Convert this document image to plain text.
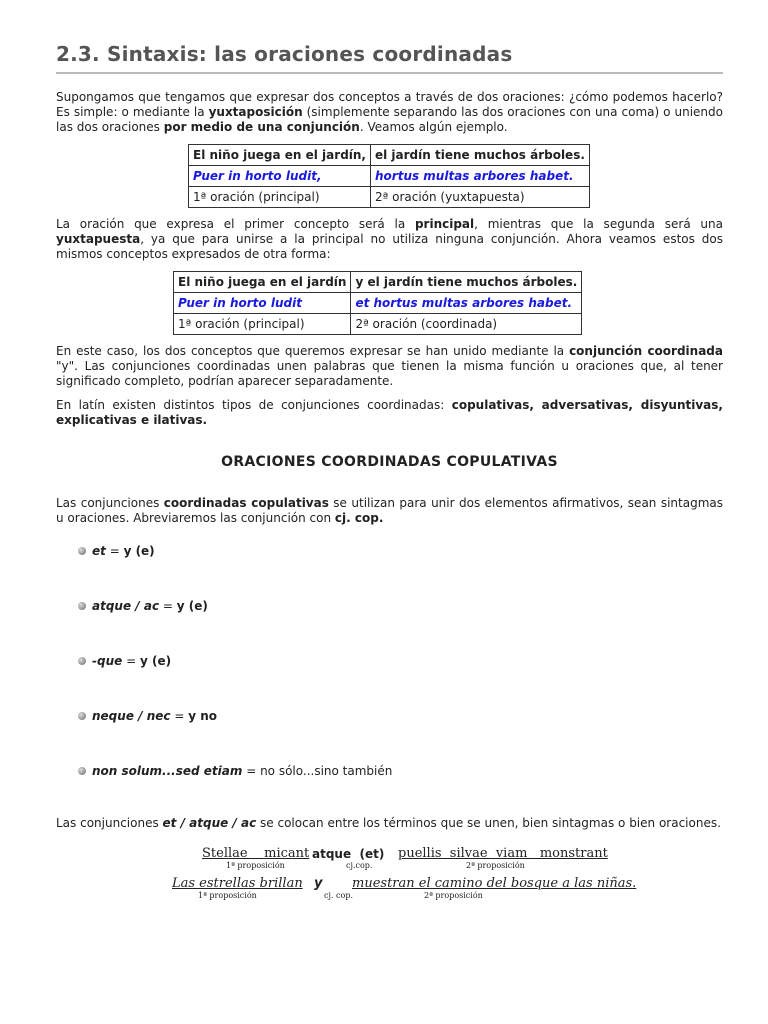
2.3. Sintaxis: las oraciones coordinadas

Supongamos que tengamos que expresar dos conceptos a través de dos oraciones: ¿cómo podemos hacerlo? Es simple: o mediante la yuxtaposición (simplemente separando las dos oraciones con una coma) o uniendo las dos oraciones por medio de una conjunción. Veamos algún ejemplo.

El niño juega en el jardín,	el jardín tiene muchos árboles.
Puer in horto ludit,	hortus multas arbores habet.
1ª oración (principal)	2ª oración (yuxtapuesta)

La oración que expresa el primer concepto será la principal, mientras que la segunda será una yuxtapuesta, ya que para unirse a la principal no utiliza ninguna conjunción. Ahora veamos estos dos mismos conceptos expresados de otra forma:

El niño juega en el jardín	y el jardín tiene muchos árboles.
Puer in horto ludit	et hortus multas arbores habet.
1ª oración (principal)	2ª oración (coordinada)

En este caso, los dos conceptos que queremos expresar se han unido mediante la conjunción coordinada "y". Las conjunciones coordinadas unen palabras que tienen la misma función u oraciones que, al tener significado completo, podrían aparecer separadamente.

En latín existen distintos tipos de conjunciones coordinadas: copulativas, adversativas, disyuntivas, explicativas e ilativas.

ORACIONES COORDINADAS COPULATIVAS

Las conjunciones coordinadas copulativas se utilizan para unir dos elementos afirmativos, sean sintagmas u oraciones. Abreviaremos las conjunción con cj. cop.

et = y (e)
atque / ac = y (e)
-que = y (e)
neque / nec = y no
non solum...sed etiam = no sólo...sino también

Las conjunciones et / atque / ac se colocan entre los términos que se unen, bien sintagmas o bien oraciones.

Stellae    micant atque  (et)	puellis  silvae  viam   monstrant
1ª proposición	cj.cop.	2ª proposición
Las estrellas brillan y	muestran el camino del bosque a las niñas.
1ª proposición	cj. cop.	2ª proposición
